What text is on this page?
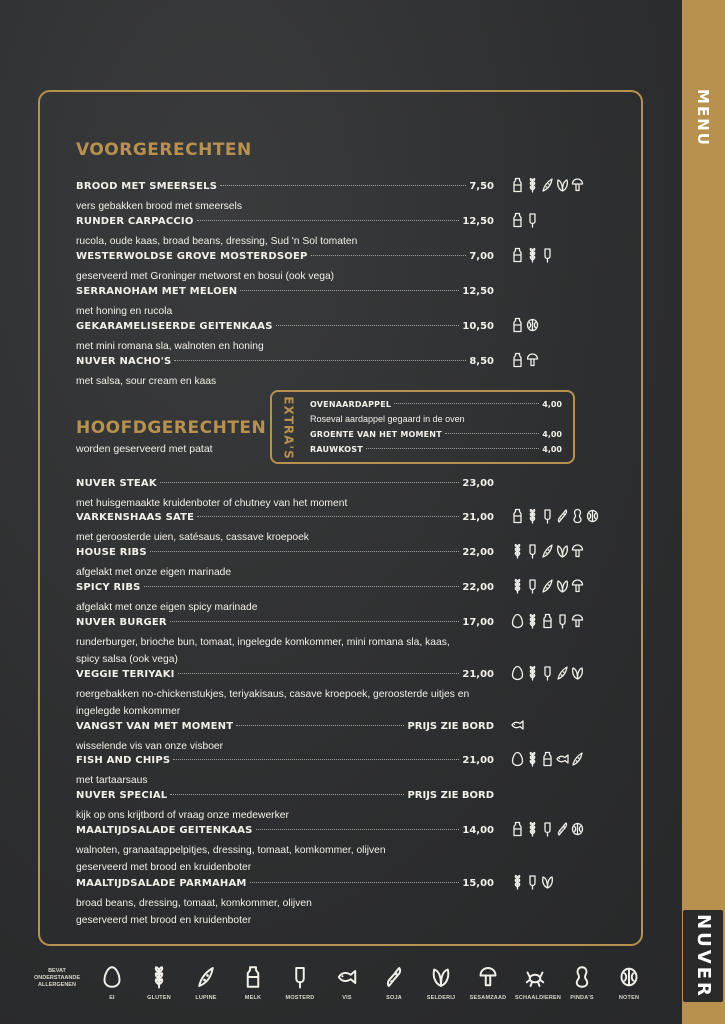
MENU
NUVER
VOORGERECHTEN
BROOD MET SMEERSELS	7,50
vers gebakken brood met smeersels
RUNDER CARPACCIO	12,50
rucola, oude kaas, broad beans, dressing, Sud 'n Sol tomaten
WESTERWOLDSE GROVE MOSTERDSOEP	7,00
geserveerd met Groninger metworst en bosui (ook vega)
SERRANOHAM MET MELOEN	12,50
met honing en rucola
GEKARAMELISEERDE GEITENKAAS	10,50
met mini romana sla, walnoten en honing
NUVER NACHO'S	8,50
met salsa, sour cream en kaas
HOOFDGERECHTEN
worden geserveerd met patat
NUVER STEAK	23,00
met huisgemaakte kruidenboter of chutney van het moment
VARKENSHAAS SATE	21,00
met geroosterde uien, satésaus, cassave kroepoek
HOUSE RIBS	22,00
afgelakt met onze eigen marinade
SPICY RIBS	22,00
afgelakt met onze eigen spicy marinade
NUVER BURGER	17,00
runderburger, brioche bun, tomaat, ingelegde komkommer, mini romana sla, kaas,
spicy salsa (ook vega)
VEGGIE TERIYAKI	21,00
roergebakken no-chickenstukjes, teriyakisaus, casave kroepoek, geroosterde uitjes en
ingelegde komkommer
VANGST VAN MET MOMENT	PRIJS ZIE BORD
wisselende vis van onze visboer
FISH AND CHIPS	21,00
met tartaarsaus
NUVER SPECIAL	PRIJS ZIE BORD
kijk op ons krijtbord of vraag onze medewerker
MAALTIJDSALADE GEITENKAAS	14,00
walnoten, granaatappelpitjes, dressing, tomaat, komkommer, olijven
geserveerd met brood en kruidenboter
MAALTIJDSALADE PARMAHAM	15,00
broad beans, dressing, tomaat, komkommer, olijven
geserveerd met brood en kruidenboter
EXTRA'S OVENAARDAPPEL	4,00
Roseval aardappel gegaard in de oven
GROENTE VAN HET MOMENT	4,00
RAUWKOST	4,00
BEVAT ONDERSTAANDE ALLERGENEN
EI	GLUTEN	LUPINE	MELK	MOSTERD	VIS	SOJA	SELDERIJ	SESAMZAAD	SCHAALDIEREN	PINDA'S	NOTEN
